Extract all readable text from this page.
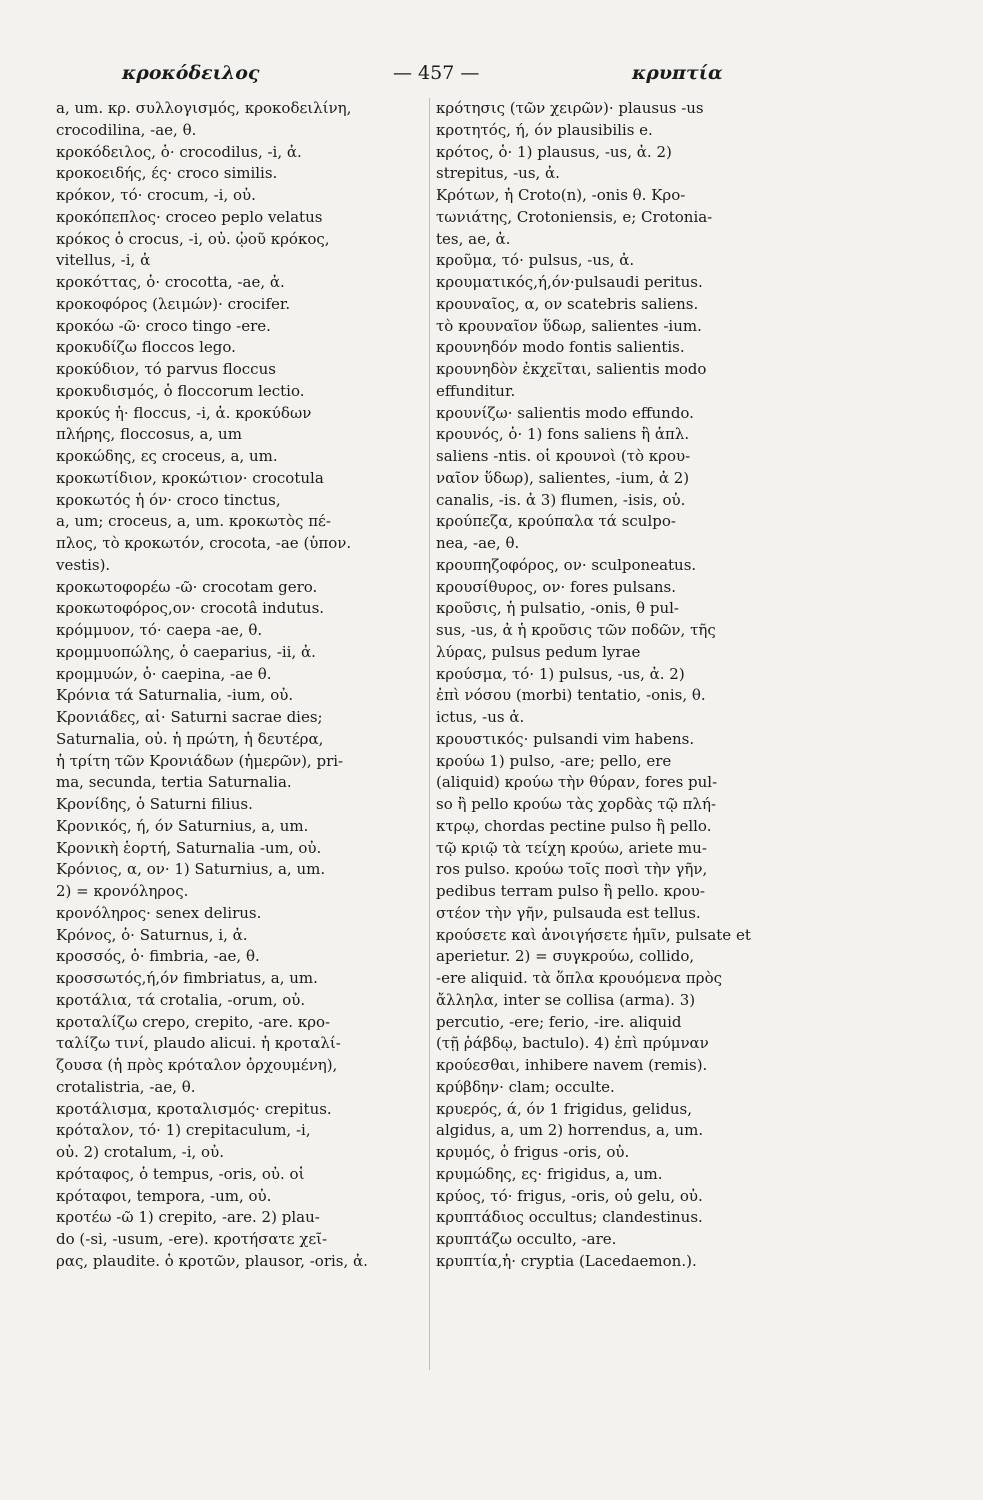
κροκόδειλος	— 457 —	κρυπτία
a, um. κρ. συλλογισμός, κροκοδειλίνη,
crocodilina, -ae, θ.
κροκόδειλος, ὁ· crocodilus, -i, ἀ.
κροκοειδής, ές· croco similis.
κρόκον, τό· crocum, -i, οὐ.
κροκόπεπλος· croceo peplo velatus
κρόκος ὁ crocus, -i, οὐ. ᾠοῦ κρόκος,
vitellus, -i, ἀ
κροκόττας, ὁ· crocotta, -ae, ἀ.
κροκοφόρος (λειμών)· crocifer.
κροκόω -ῶ· croco tingo -ere.
κροκυδίζω floccos lego.
κροκύδιον, τό parvus floccus
κροκυδισμός, ὁ floccorum lectio.
κροκύς ἡ· floccus, -i, ἀ. κροκύδων
πλήρης, floccosus, a, um
κροκώδης, ες croceus, a, um.
κροκωτίδιον, κροκώτιον· crocotula
κροκωτός ἡ όν· croco tinctus,
a, um; croceus, a, um. κροκωτὸς πέ-
πλος, τὸ κροκωτόν, crocota, -ae (ὑπον.
vestis).
κροκωτοφορέω -ῶ· crocotam gero.
κροκωτοφόρος,ον· crocotâ indutus.
κρόμμυον, τό· caepa -ae, θ.
κρομμυοπώλης, ὁ caeparius, -ii, ἀ.
κρομμυών, ὁ· caepina, -ae θ.
Κρόνια τά Saturnalia, -ium, οὐ.
Κρονιάδες, αἱ· Saturni sacrae dies;
Saturnalia, οὐ. ἡ πρώτη, ἡ δευτέρα,
ἡ τρίτη τῶν Κρονιάδων (ἡμερῶν), pri-
ma, secunda, tertia Saturnalia.
Κρονίδης, ὁ Saturni filius.
Κρονικός, ή, όν Saturnius, a, um.
Κρονικὴ ἑορτή, Saturnalia -um, οὐ.
Κρόνιος, α, ον· 1) Saturnius, a, um.
2) = κρονόληρος.
κρονόληρος· senex delirus.
Κρόνος, ὁ· Saturnus, i, ἀ.
κροσσός, ὁ· fimbria, -ae, θ.
κροσσωτός,ή,όν fimbriatus, a, um.
κροτάλια, τά crotalia, -orum, οὐ.
κροταλίζω crepo, crepito, -are. κρο-
ταλίζω τινί, plaudo alicui. ἡ κροταλί-
ζουσα (ἡ πρὸς κρόταλον ὀρχουμένη),
crotalistria, -ae, θ.
κροτάλισμα, κροταλισμός· crepitus.
κρόταλον, τό· 1) crepitaculum, -i,
οὐ. 2) crotalum, -i, οὐ.
κρόταφος, ὁ tempus, -oris, οὐ. οἱ
κρόταφοι, tempora, -um, οὐ.
κροτέω -ῶ 1) crepito, -are. 2) plau-
do (-si, -usum, -ere). κροτήσατε χεῖ-
ρας, plaudite. ὁ κροτῶν, plausor, -oris, ἀ.
κρότησις (τῶν χειρῶν)· plausus -us
κροτητός, ή, όν plausibilis e.
κρότος, ὁ· 1) plausus, -us, ἀ. 2)
strepitus, -us, ἀ.
Κρότων, ἡ Croto(n), -onis θ. Κρο-
τωνιάτης, Crotoniensis, e; Crotonia-
tes, ae, ἀ.
κροῦμα, τό· pulsus, -us, ἀ.
κρουματικός,ή,όν·pulsaudi peritus.
κρουναῖος, α, ον scatebris saliens.
τὸ κρουναῖον ὕδωρ, salientes -ium.
κρουνηδόν modo fontis salientis.
κρουνηδὸν ἐκχεῖται, salientis modo
effunditur.
κρουνίζω· salientis modo effundo.
κρουνός, ὁ· 1) fons saliens ἢ ἁπλ.
saliens -ntis. οἱ κρουνοὶ (τὸ κρου-
ναῖον ὕδωρ), salientes, -ium, ἀ 2)
canalis, -is. ἀ 3) flumen, -isis, οὐ.
κρούπεζα, κρούπαλα τά sculpo-
nea, -ae, θ.
κρουπηζοφόρος, ον· sculponeatus.
κρουσίθυρος, ον· fores pulsans.
κροῦσις, ἡ pulsatio, -onis, θ pul-
sus, -us, ἀ ἡ κροῦσις τῶν ποδῶν, τῆς
λύρας, pulsus pedum lyrae
κρούσμα, τό· 1) pulsus, -us, ἀ. 2)
ἐπὶ νόσου (morbi) tentatio, -onis, θ.
ictus, -us ἀ.
κρουστικός· pulsandi vim habens.
κρούω 1) pulso, -are; pello, ere
(aliquid) κρούω τὴν θύραν, fores pul-
so ἢ pello κρούω τὰς χορδὰς τῷ πλή-
κτρῳ, chordas pectine pulso ἢ pello.
τῷ κριῷ τὰ τείχη κρούω, ariete mu-
ros pulso. κρούω τοῖς ποσὶ τὴν γῆν,
pedibus terram pulso ἢ pello. κρου-
στέον τὴν γῆν, pulsauda est tellus.
κρούσετε καὶ ἀνοιγήσετε ἡμῖν, pulsate et
aperietur. 2) = συγκρούω, collido,
-ere aliquid. τὰ ὅπλα κρουόμενα πρὸς
ἄλληλα, inter se collisa (arma). 3)
percutio, -ere; ferio, -ire. aliquid
(τῇ ῥάβδῳ, bactulo). 4) ἐπὶ πρύμναν
κρούεσθαι, inhibere navem (remis).
κρύβδην· clam; occulte.
κρυερός, ά, όν 1 frigidus, gelidus,
algidus, a, um 2) horrendus, a, um.
κρυμός, ὁ frigus -oris, οὐ.
κρυμώδης, ες· frigidus, a, um.
κρύος, τό· frigus, -oris, οὐ gelu, οὐ.
κρυπτάδιος occultus; clandestinus.
κρυπτάζω occulto, -are.
κρυπτία,ἡ· cryptia (Lacedaemon.).
